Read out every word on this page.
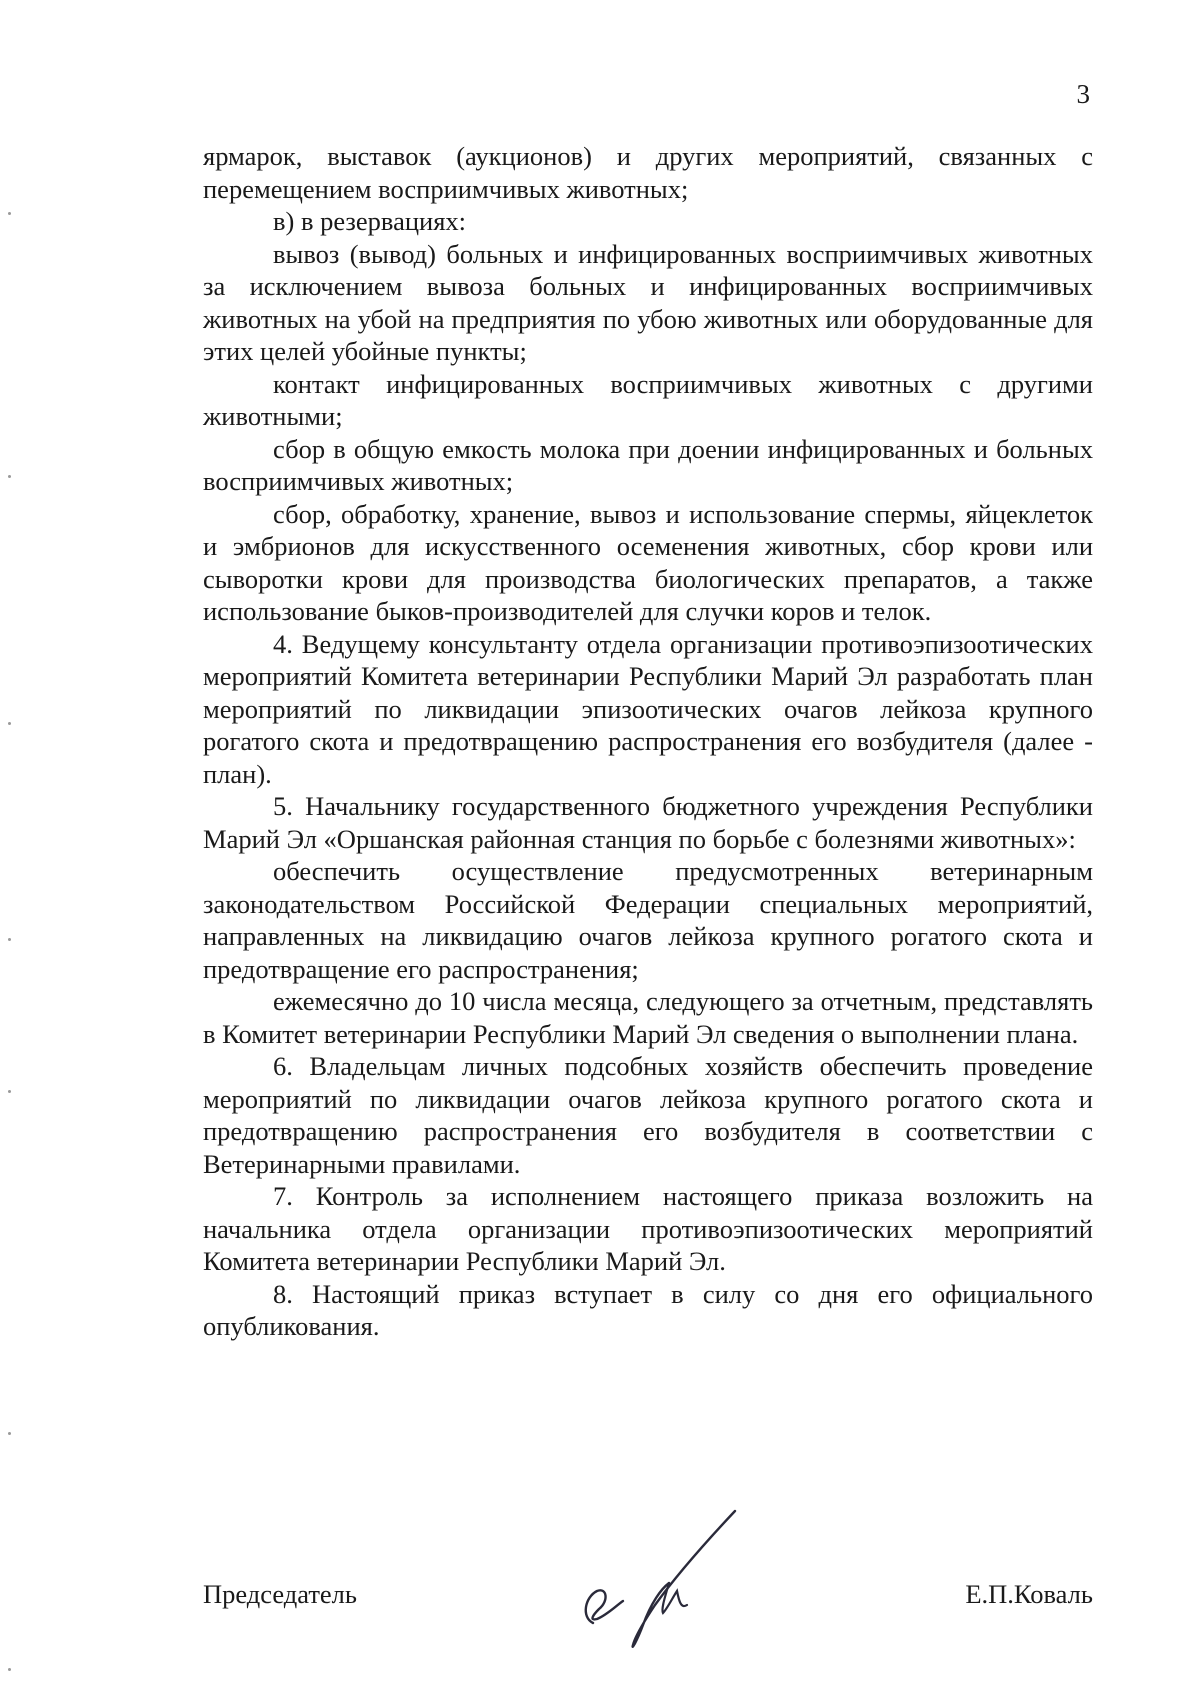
3

ярмарок, выставок (аукционов) и других мероприятий, связанных с перемещением восприимчивых животных;

в) в резервациях:

вывоз (вывод) больных и инфицированных восприимчивых животных за исключением вывоза больных и инфицированных восприимчивых животных на убой на предприятия по убою животных или оборудованные для этих целей убойные пункты;

контакт инфицированных восприимчивых животных с другими животными;

сбор в общую емкость молока при доении инфицированных и больных восприимчивых животных;

сбор, обработку, хранение, вывоз и использование спермы, яйцеклеток и эмбрионов для искусственного осеменения животных, сбор крови или сыворотки крови для производства биологических препаратов, а также использование быков-производителей для случки коров и телок.

4. Ведущему консультанту отдела организации противоэпизоотических мероприятий Комитета ветеринарии Республики Марий Эл разработать план мероприятий по ликвидации эпизоотических очагов лейкоза крупного рогатого скота и предотвращению распространения его возбудителя (далее - план).

5. Начальнику государственного бюджетного учреждения Республики Марий Эл «Оршанская районная станция по борьбе с болезнями животных»:

обеспечить осуществление предусмотренных ветеринарным законодательством Российской Федерации специальных мероприятий, направленных на ликвидацию очагов лейкоза крупного рогатого скота и предотвращение его распространения;

ежемесячно до 10 числа месяца, следующего за отчетным, представлять в Комитет ветеринарии Республики Марий Эл сведения о выполнении плана.

6. Владельцам личных подсобных хозяйств обеспечить проведение мероприятий по ликвидации очагов лейкоза крупного рогатого скота и предотвращению распространения его возбудителя в соответствии с Ветеринарными правилами.

7. Контроль за исполнением настоящего приказа возложить на начальника отдела организации противоэпизоотических мероприятий Комитета ветеринарии Республики Марий Эл.

8. Настоящий приказ вступает в силу со дня его официального опубликования.

Председатель	Е.П.Коваль
